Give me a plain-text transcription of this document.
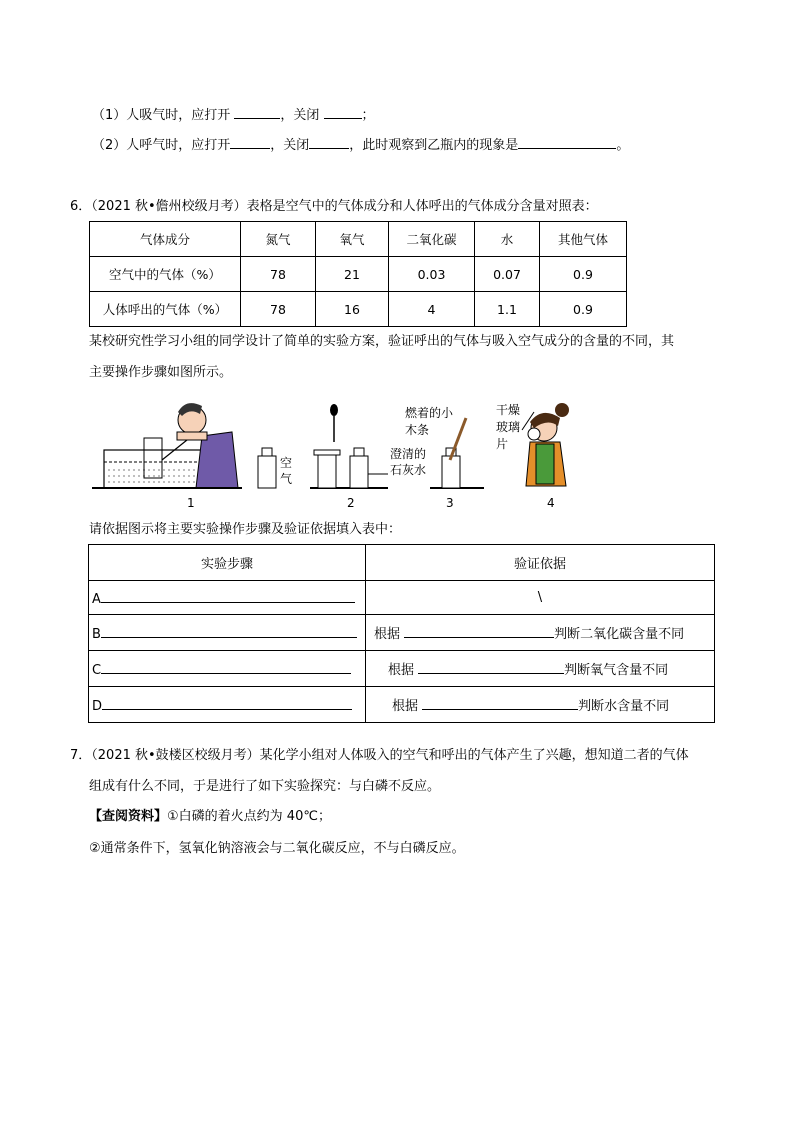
（1）人吸气时，应打开	，关闭	；
（2）人呼气时，应打开	，关闭	，此时观察到乙瓶内的现象是	。
6．（2021 秋•儋州校级月考）表格是空气中的气体成分和人体呼出的气体成分含量对照表：
气体成分	氮气	氧气	二氧化碳	水	其他气体
空气中的气体（%）	78	21	0.03	0.07	0.9
人体呼出的气体（%）	78	16	4	1.1	0.9
某校研究性学习小组的同学设计了简单的实验方案，验证呼出的气体与吸入空气成分的含量的不同，其
主要操作步骤如图所示。
空气
澄清的石灰水
燃着的小木条
干燥玻璃片
1	2	3	4
请依据图示将主要实验操作步骤及验证依据填入表中：
实验步骤	验证依据
A	\
B	根据 判断二氧化碳含量不同
C	根据 判断氧气含量不同
D	根据 判断水含量不同
7．（2021 秋•鼓楼区校级月考）某化学小组对人体吸入的空气和呼出的气体产生了兴趣，想知道二者的气体
组成有什么不同，于是进行了如下实验探究：与白磷不反应。
【查阅资料】①白磷的着火点约为 40℃；
②通常条件下，氢氧化钠溶液会与二氧化碳反应，不与白磷反应。
